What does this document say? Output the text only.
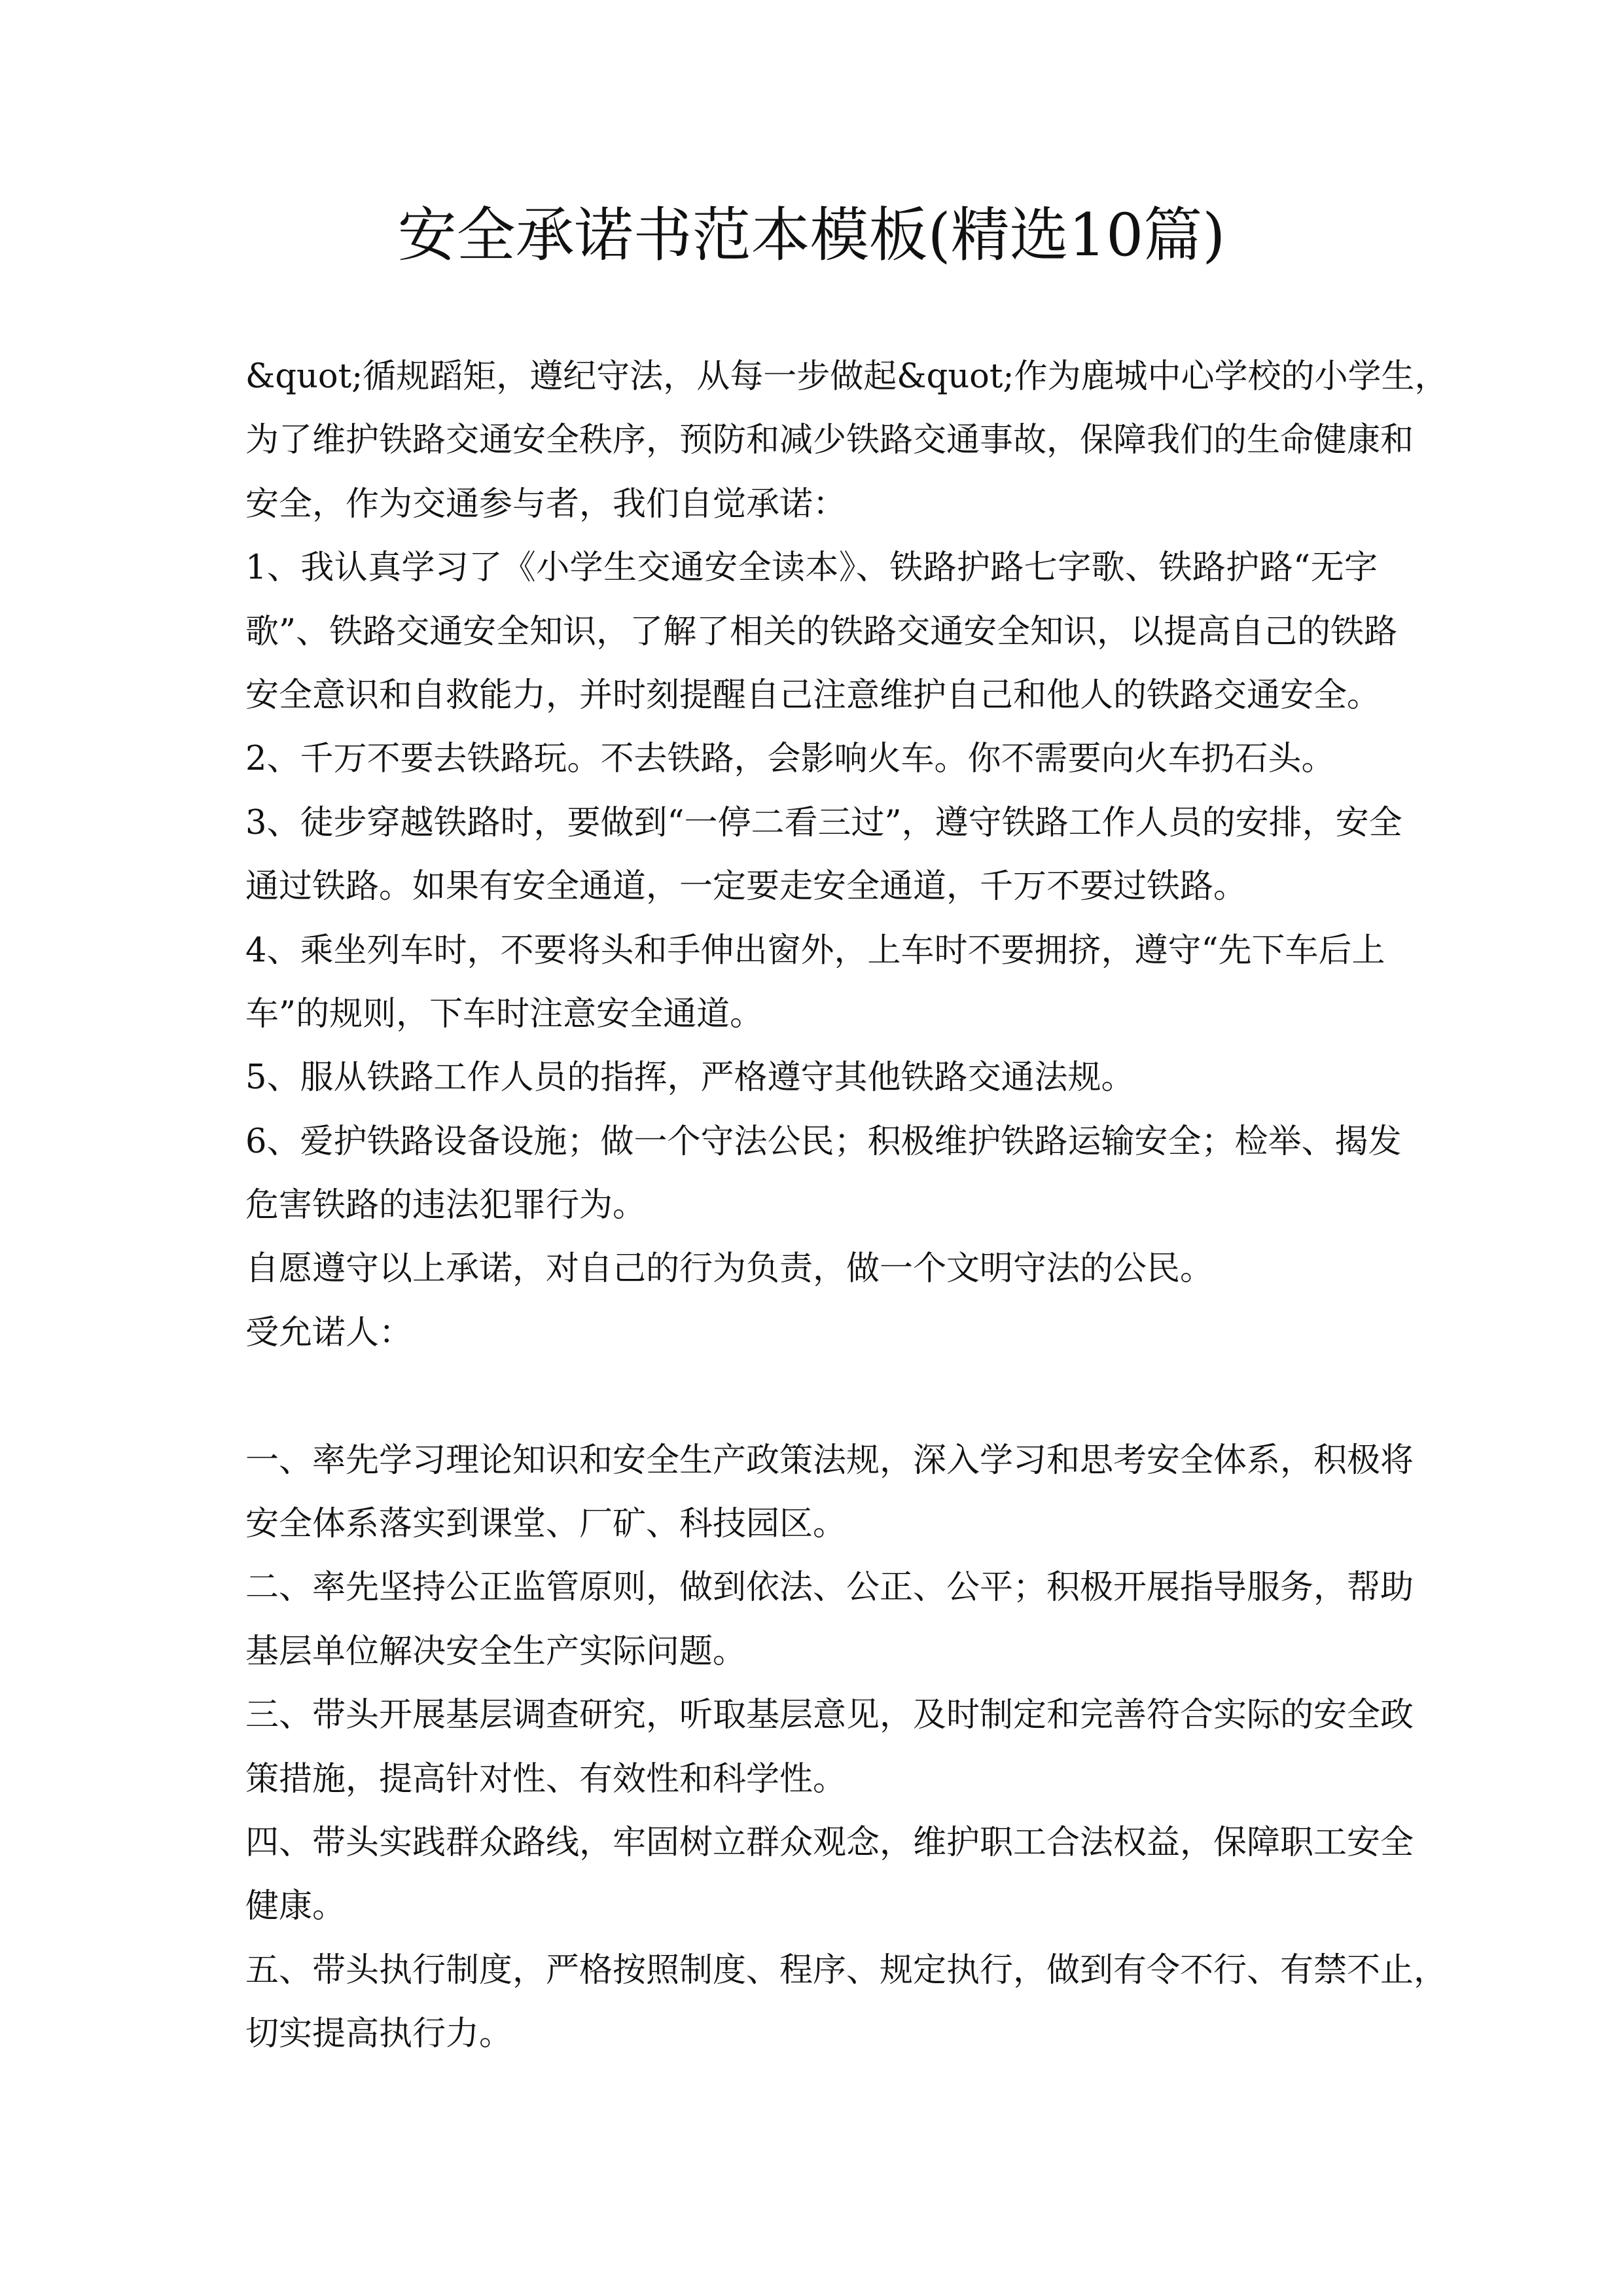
安全承诺书范本模板(精选10篇)
&quot;循规蹈矩，遵纪守法，从每一步做起&quot;作为鹿城中心学校的小学生，
为了维护铁路交通安全秩序，预防和减少铁路交通事故，保障我们的生命健康和
安全，作为交通参与者，我们自觉承诺：
1、我认真学习了《小学生交通安全读本》、铁路护路七字歌、铁路护路“无字
歌”、铁路交通安全知识，了解了相关的铁路交通安全知识，以提高自己的铁路
安全意识和自救能力，并时刻提醒自己注意维护自己和他人的铁路交通安全。
2、千万不要去铁路玩。不去铁路，会影响火车。你不需要向火车扔石头。
3、徒步穿越铁路时，要做到“一停二看三过”，遵守铁路工作人员的安排，安全
通过铁路。如果有安全通道，一定要走安全通道，千万不要过铁路。
4、乘坐列车时，不要将头和手伸出窗外，上车时不要拥挤，遵守“先下车后上
车”的规则，下车时注意安全通道。
5、服从铁路工作人员的指挥，严格遵守其他铁路交通法规。
6、爱护铁路设备设施；做一个守法公民；积极维护铁路运输安全；检举、揭发
危害铁路的违法犯罪行为。
自愿遵守以上承诺，对自己的行为负责，做一个文明守法的公民。
受允诺人：
一、率先学习理论知识和安全生产政策法规，深入学习和思考安全体系，积极将
安全体系落实到课堂、厂矿、科技园区。
二、率先坚持公正监管原则，做到依法、公正、公平；积极开展指导服务，帮助
基层单位解决安全生产实际问题。
三、带头开展基层调查研究，听取基层意见，及时制定和完善符合实际的安全政
策措施，提高针对性、有效性和科学性。
四、带头实践群众路线，牢固树立群众观念，维护职工合法权益，保障职工安全
健康。
五、带头执行制度，严格按照制度、程序、规定执行，做到有令不行、有禁不止，
切实提高执行力。
